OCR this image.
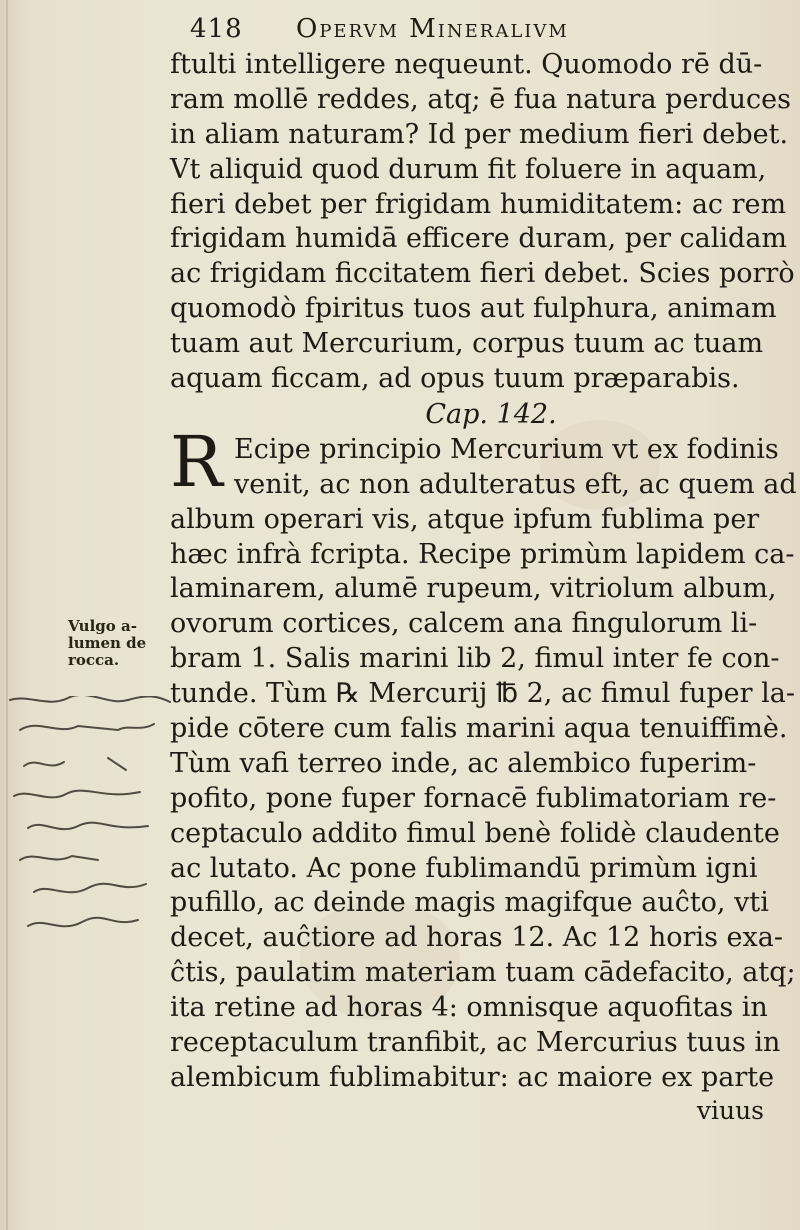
418 Opervm Mineralivm
ftulti intelligere nequeunt. Quomodo rē dū-
ram mollē reddes, atq; ē fua natura perduces
in aliam naturam? Id per medium fieri debet.
Vt aliquid quod durum fit foluere in aquam,
fieri debet per frigidam humiditatem: ac rem
frigidam humidā efficere duram, per calidam
ac frigidam ficcitatem fieri debet. Scies porrò
quomodò fpiritus tuos aut fulphura, animam
tuam aut Mercurium, corpus tuum ac tuam
aquam ficcam, ad opus tuum præparabis.
Cap. 142.
R Ecipe principio Mercurium vt ex fodinis
venit, ac non adulteratus eft, ac quem ad
album operari vis, atque ipfum fublima per
hæc infrà fcripta. Recipe primùm lapidem ca-
laminarem, alumē rupeum, vitriolum album,
ovorum cortices, calcem ana fingulorum li-
bram 1. Salis marini lib 2, fimul inter fe con-
tunde. Tùm ℞ Mercurij ℔ 2, ac fimul fuper la-
pide cōtere cum falis marini aqua tenuiffimè.
Tùm vafi terreo inde, ac alembico fuperim-
pofito, pone fuper fornacē fublimatoriam re-
ceptaculo addito fimul benè folidè claudente
ac lutato. Ac pone fublimandū primùm igni
pufillo, ac deinde magis magifque auĉto, vti
decet, auĉtiore ad horas 12. Ac 12 horis exa-
ĉtis, paulatim materiam tuam cādefacito, atq;
ita retine ad horas 4: omnisque aquofitas in
receptaculum tranfibit, ac Mercurius tuus in
alembicum fublimabitur: ac maiore ex parte
viuus
Vulgo a-
lumen de
rocca.
